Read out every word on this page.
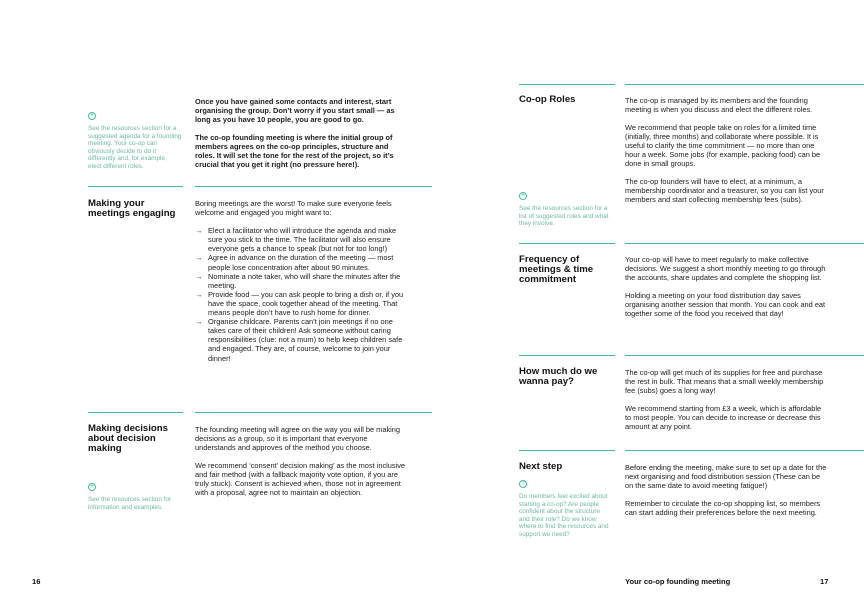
+
See the resources section for a suggested agenda for a founding meeting. Your co-op can obviously decide to do it differently and, for example, elect different roles.

Once you have gained some contacts and interest, start organising the group. Don’t worry if you start small — as long as you have 10 people, you are good to go.

The co-op founding meeting is where the initial group of members agrees on the co-op principles, structure and roles. It will set the tone for the rest of the project, so it’s crucial that you get it right (no pressure here!).

Making your meetings engaging

Boring meetings are the worst! To make sure everyone feels welcome and engaged you might want to:

→ Elect a facilitator who will introduce the agenda and make sure you stick to the time. The facilitator will also ensure everyone gets a chance to speak (but not for too long!)
→ Agree in advance on the duration of the meeting — most people lose concentration after about 90 minutes.
→ Nominate a note taker, who will share the minutes after the meeting.
→ Provide food — you can ask people to bring a dish or, if you have the space, cook together ahead of the meeting. That means people don’t have to rush home for dinner.
→ Organise childcare. Parents can’t join meetings if no one takes care of their children! Ask someone without caring responsibilities (clue: not a mum) to help keep children safe and engaged. They are, of course, welcome to join your dinner!
Making decisions about decision making
+
See the resources section for information and examples.

The founding meeting will agree on the way you will be making decisions as a group, so it is important that everyone understands and approves of the method you choose.

We recommend ‘consent’ decision making’ as the most inclusive and fair method (with a fallback majority vote option, if you are truly stuck). Consent is achieved when, those not in agreement with a proposal, agree not to maintain an objection.

16
Co-op Roles	The co-op is managed by its members and the founding meeting is when you discuss and elect the different roles.

We recommend that people take on roles for a limited time (initially, three months) and collaborate where possible. It is useful to clarify the time commitment — no more than one hour a week. Some jobs (for example, packing food) can be done in small groups.

The co-op founders will have to elect, at a minimum, a membership coordinator and a treasurer, so you can list your members and start collecting membership fees (subs).

+
See the resources section for a list of suggested roles and what they involve.
Frequency of meetings & time commitment

Your co-op will have to meet regularly to make collective decisions. We suggest a short monthly meeting to go through the accounts, share updates and complete the shopping list.

Holding a meeting on your food distribution day saves organising another session that month. You can cook and eat together some of the food you received that day!

How much do we wanna pay?

The co-op will get much of its supplies for free and purchase the rest in bulk. That means that a small weekly membership fee (subs) goes a long way!

We recommend starting from £3 a week, which is affordable to most people. You can decide to increase or decrease this amount at any point.

Next step
?
Do members feel excited about starting a co-op? Are people confident about the structure and their role? Do we know where to find the resources and support we need?

Before ending the meeting, make sure to set up a date for the next organising and food distribution session (These can be on the same date to avoid meeting fatigue!)

Remember to circulate the co-op shopping list, so members can start adding their preferences before the next meeting.

Your co-op founding meeting	17
